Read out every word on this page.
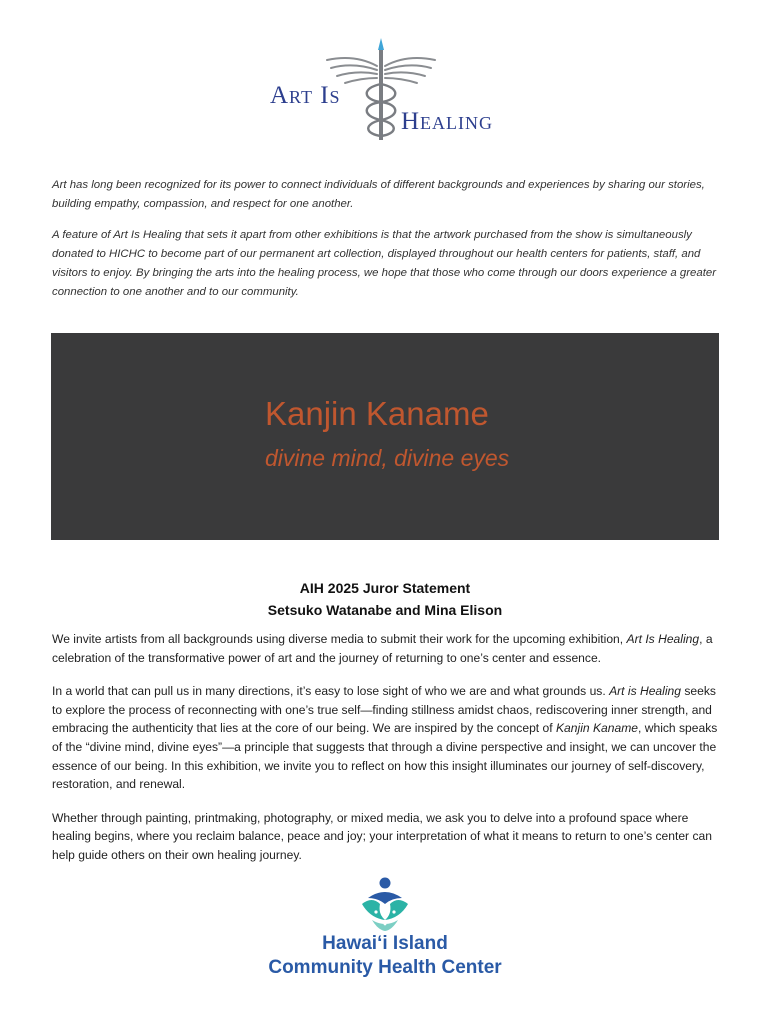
Art Is
Healing

Art has long been recognized for its power to connect individuals of different backgrounds and experiences by sharing our stories, building empathy, compassion, and respect for one another.

A feature of Art Is Healing that sets it apart from other exhibitions is that the artwork purchased from the show is simultaneously donated to HICHC to become part of our permanent art collection, displayed throughout our health centers for patients, staff, and visitors to enjoy. By bringing the arts into the healing process, we hope that those who come through our doors experience a greater connection to one another and to our community.

Kanjin Kaname
divine mind, divine eyes
AIH 2025 Juror Statement
Setsuko Watanabe and Mina Elison

We invite artists from all backgrounds using diverse media to submit their work for the upcoming exhibition, Art Is Healing, a celebration of the transformative power of art and the journey of returning to one’s center and essence.

In a world that can pull us in many directions, it’s easy to lose sight of who we are and what grounds us. Art is Healing seeks to explore the process of reconnecting with one’s true self—finding stillness amidst chaos, rediscovering inner strength, and embracing the authenticity that lies at the core of our being. We are inspired by the concept of Kanjin Kaname, which speaks of the “divine mind, divine eyes”—a principle that suggests that through a divine perspective and insight, we can uncover the essence of our being. In this exhibition, we invite you to reflect on how this insight illuminates our journey of self-discovery, restoration, and renewal.

Whether through painting, printmaking, photography, or mixed media, we ask you to delve into a profound space where healing begins, where you reclaim balance, peace and joy; your interpretation of what it means to return to one’s center can help guide others on their own healing journey.

Hawaiʻi Island
Community Health Center
